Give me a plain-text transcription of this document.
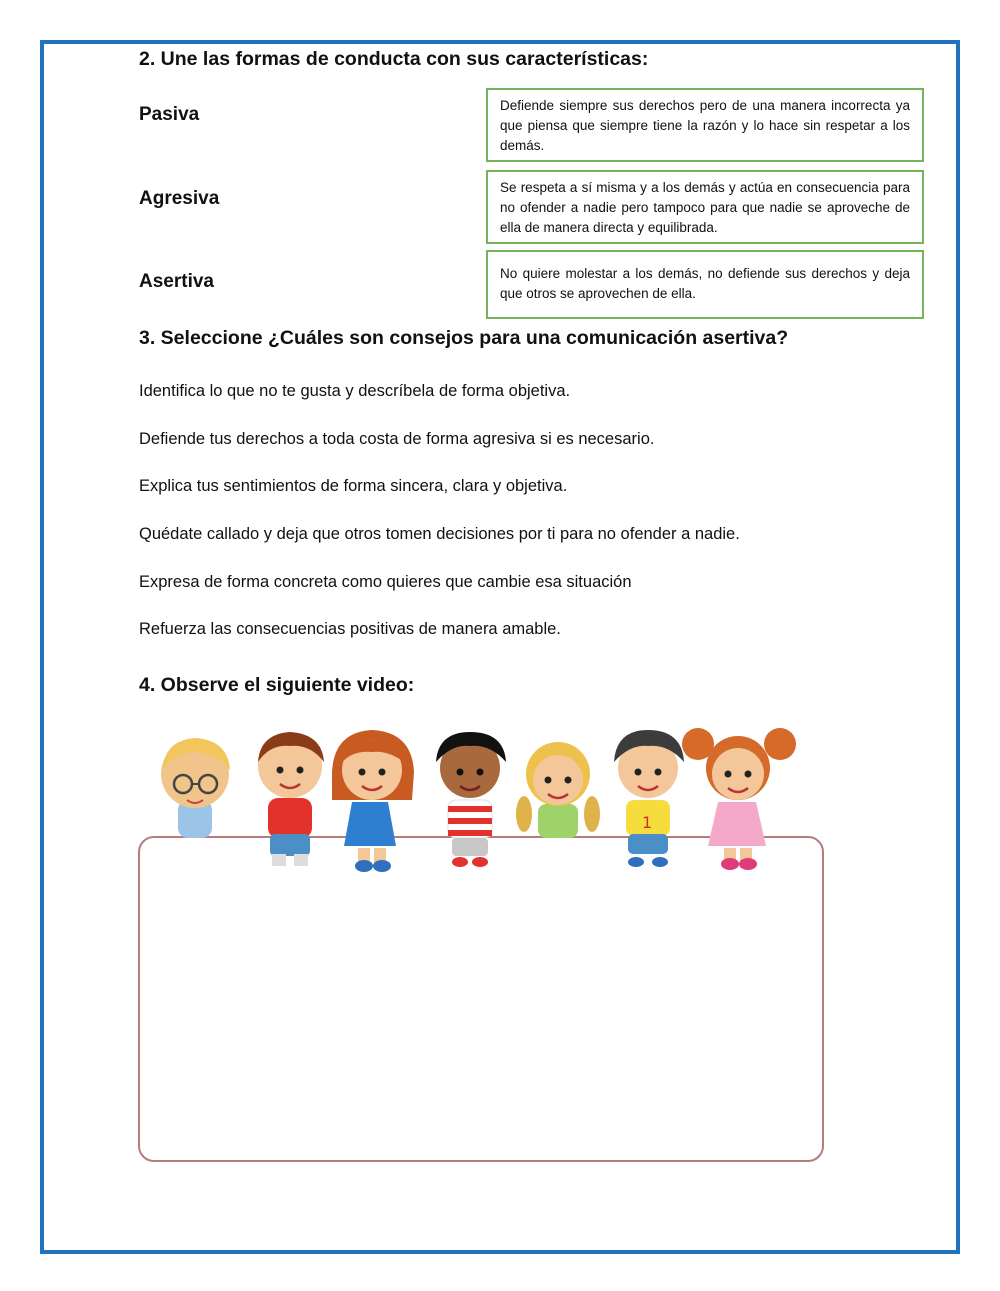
2. Une las formas de conducta con sus características:
Pasiva
Agresiva
Asertiva
Defiende siempre sus derechos pero de una manera incorrecta ya que piensa que siempre tiene la razón y lo hace sin respetar a los demás.
Se respeta a sí misma y a los demás y actúa en consecuencia para no ofender a nadie pero tampoco para que nadie se aproveche de ella de manera directa y equilibrada.
No quiere molestar a los demás, no defiende sus derechos y deja que otros se aprovechen de ella.
3. Seleccione ¿Cuáles son consejos para una comunicación asertiva?
Identifica lo que no te gusta y descríbela de forma objetiva.
Defiende tus derechos a toda costa de forma agresiva si es necesario.
Explica tus sentimientos de forma sincera, clara y objetiva.
Quédate callado y deja que otros tomen decisiones por ti para no ofender a nadie.
Expresa de forma concreta como quieres que cambie esa situación
Refuerza las consecuencias positivas de manera amable.
4. Observe el siguiente video:
1
